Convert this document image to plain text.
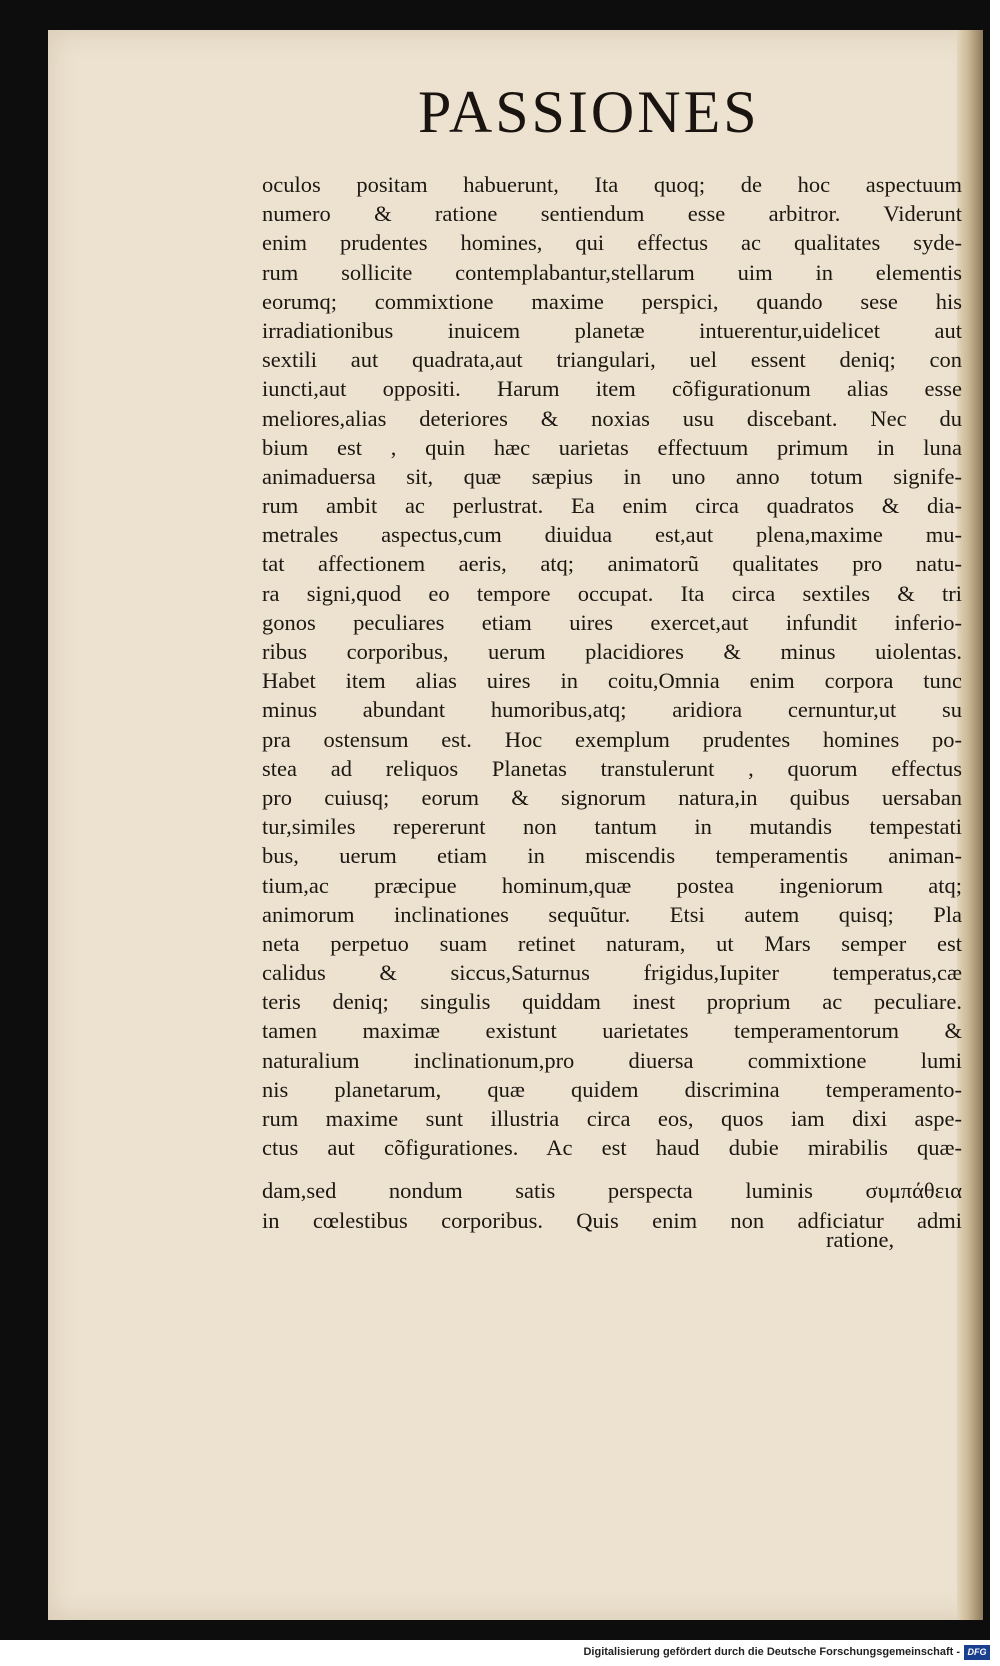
PASSIONES
oculos positam habuerunt, Ita quoq; de hoc aspectuum
numero & ratione sentiendum esse arbitror. Viderunt
enim prudentes homines, qui effectus ac qualitates syde-
rum sollicite contemplabantur,stellarum uim in elementis
eorumq; commixtione maxime perspici, quando sese his
irradiationibus inuicem planetæ intuerentur,uidelicet aut
sextili aut quadrata,aut triangulari, uel essent deniq; con
iuncti,aut oppositi. Harum item cõfigurationum alias esse
meliores,alias deteriores & noxias usu discebant. Nec du
bium est , quin hæc uarietas effectuum primum in luna
animaduersa sit, quæ sæpius in uno anno totum signife-
rum ambit ac perlustrat. Ea enim circa quadratos & dia-
metrales aspectus,cum diuidua est,aut plena,maxime mu-
tat affectionem aeris, atq; animatorũ qualitates pro natu-
ra signi,quod eo tempore occupat. Ita circa sextiles & tri
gonos peculiares etiam uires exercet,aut infundit inferio-
ribus corporibus, uerum placidiores & minus uiolentas.
Habet item alias uires in coitu,Omnia enim corpora tunc
minus abundant humoribus,atq; aridiora cernuntur,ut su
pra ostensum est. Hoc exemplum prudentes homines po-
stea ad reliquos Planetas transtulerunt , quorum effectus
pro cuiusq; eorum & signorum natura,in quibus uersaban
tur,similes repererunt non tantum in mutandis tempestati
bus, uerum etiam in miscendis temperamentis animan-
tium,ac præcipue hominum,quæ postea ingeniorum atq;
animorum inclinationes sequũtur. Etsi autem quisq; Pla
neta perpetuo suam retinet naturam, ut Mars semper est
calidus & siccus,Saturnus frigidus,Iupiter temperatus,cæ
teris deniq; singulis quiddam inest proprium ac peculiare.
tamen maximæ existunt uarietates temperamentorum &
naturalium inclinationum,pro diuersa commixtione lumi
nis planetarum, quæ quidem discrimina temperamento-
rum maxime sunt illustria circa eos, quos iam dixi aspe-
ctus aut cõfigurationes. Ac est haud dubie mirabilis quæ-
dam,sed nondum satis perspecta luminis συμπάθεια
in cœlestibus corporibus. Quis enim non adficiatur admi
ratione,
Digitalisierung gefördert durch die Deutsche Forschungsgemeinschaft - DFG
